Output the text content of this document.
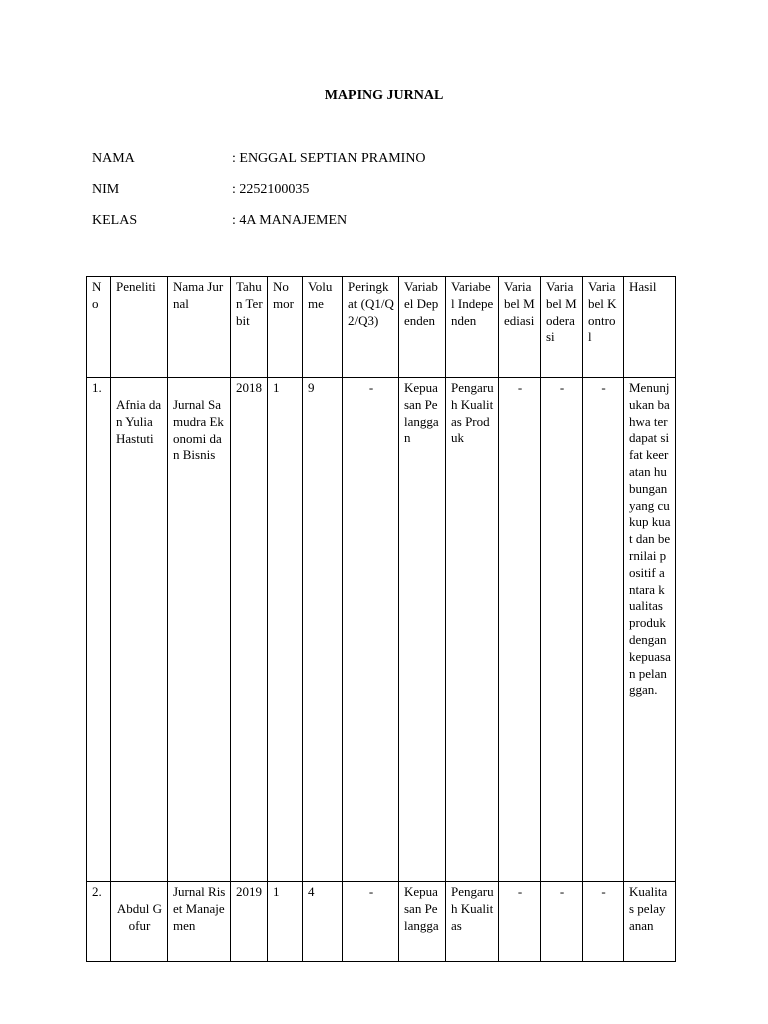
MAPING JURNAL
NAMA	: ENGGAL SEPTIAN PRAMINO
NIM	: 2252100035
KELAS	: 4A MANAJEMEN
No	Peneliti	Nama Jurnal	Tahun Terbit	Nomor	Volume	Peringkat (Q1/Q2/Q3)	Variabel Dependen	Variabel Independen	Variabel Mediasi	Variabel Moderasi	Variabel Kontrol	Hasil
1.	Afnia dan Yulia Hastuti	Jurnal Samudra Ekonomi dan Bisnis	2018	1	9	-	Kepuasan Pelanggan	Pengaruh Kualitas Produk	-	-	-	Menunjukan bahwa terdapat sifat keeratan hubungan yang cukup kuat dan bernilai positif antara kualitas produk dengan kepuasan pelanggan.
2.	Abdul Gofur	Jurnal Riset Manajemen	2019	1	4	-	Kepuasan Pelangga	Pengaruh Kualitas	-	-	-	Kualitas pelayanan
